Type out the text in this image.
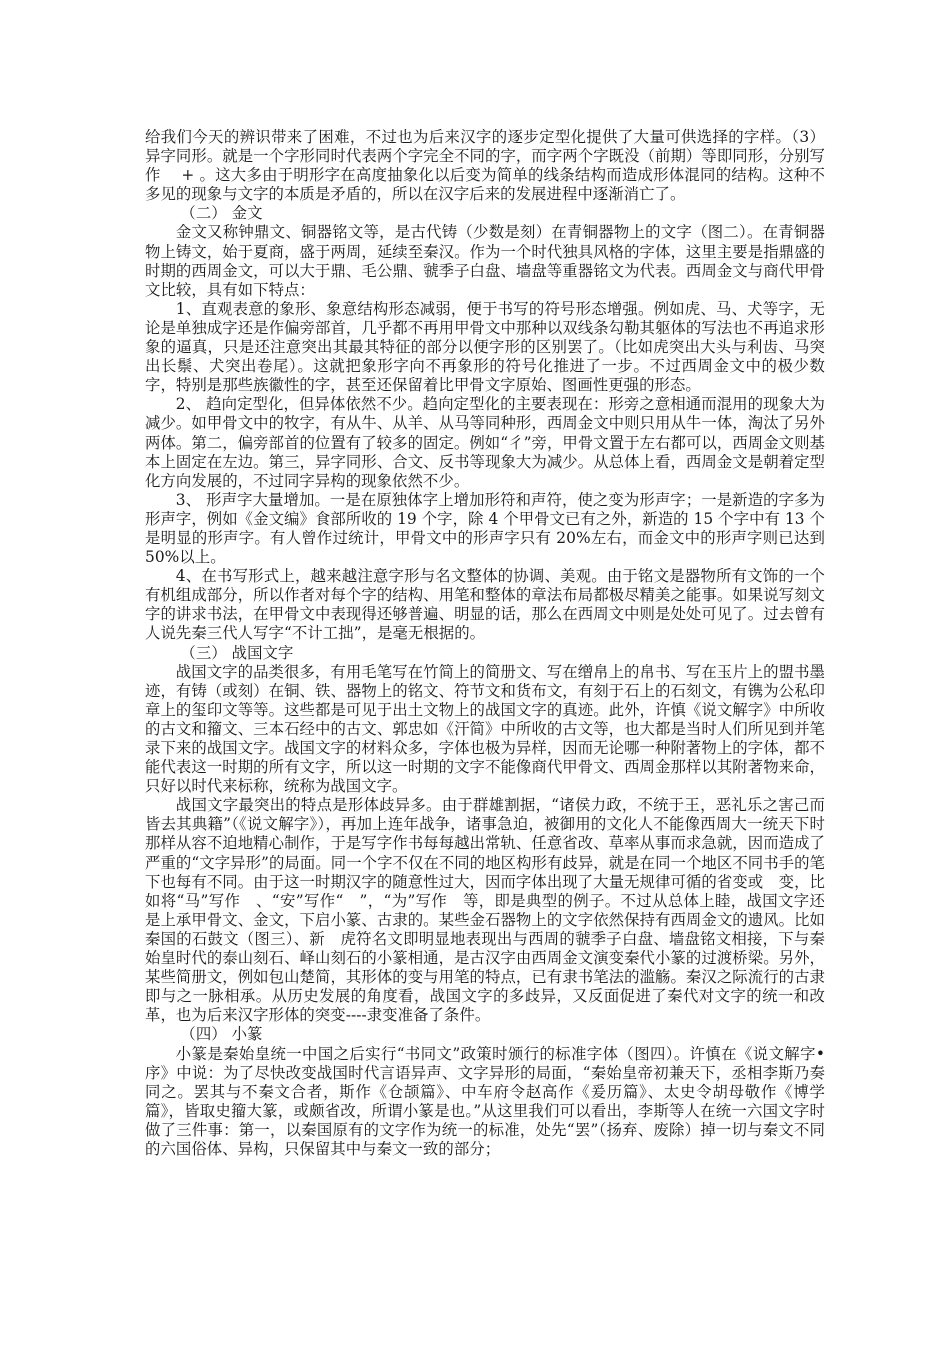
给我们今天的辨识带来了困难，不过也为后来汉字的逐步定型化提供了大量可供选择的字样。（3）异字同形。就是一个字形同时代表两个字完全不同的字，而字两个字既没（前期）等即同形，分别写作　 + 。这大多由于明形字在高度抽象化以后变为简单的线条结构而造成形体混同的结构。这种不多见的现象与文字的本质是矛盾的，所以在汉字后来的发展进程中逐渐消亡了。

（二） 金文

金文又称钟鼎文、铜器铭文等，是古代铸（少数是刻）在青铜器物上的文字（图二）。在青铜器物上铸文，始于夏商，盛于两周，延续至秦汉。作为一个时代独具风格的字体，这里主要是指鼎盛的时期的西周金文，可以大于鼎、毛公鼎、虢季子白盘、墙盘等重器铭文为代表。西周金文与商代甲骨文比较，具有如下特点：

1、直观表意的象形、象意结构形态减弱，便于书写的符号形态增强。例如虎、马、犬等字，无论是单独成字还是作偏旁部首，几乎都不再用甲骨文中那种以双线条勾勒其躯体的写法也不再追求形象的逼真，只是还注意突出其最其特征的部分以便字形的区别罢了。（比如虎突出大头与利齿、马突出长鬃、犬突出卷尾）。这就把象形字向不再象形的符号化推进了一步。不过西周金文中的极少数字，特别是那些族徽性的字，甚至还保留着比甲骨文字原始、图画性更强的形态。

2、 趋向定型化，但异体依然不少。趋向定型化的主要表现在：形旁之意相通而混用的现象大为减少。如甲骨文中的牧字，有从牛、从羊、从马等同种形，西周金文中则只用从牛一体，淘汰了另外两体。第二，偏旁部首的位置有了较多的固定。例如“彳”旁，甲骨文置于左右都可以，西周金文则基本上固定在左边。第三，异字同形、合文、反书等现象大为减少。从总体上看，西周金文是朝着定型化方向发展的，不过同字异构的现象依然不少。

3、 形声字大量增加。一是在原独体字上增加形符和声符，使之变为形声字；一是新造的字多为形声字，例如《金文编》食部所收的 19 个字，除 4 个甲骨文已有之外，新造的 15 个字中有 13 个是明显的形声字。有人曾作过统计，甲骨文中的形声字只有 20%左右，而金文中的形声字则已达到 50%以上。

4、在书写形式上，越来越注意字形与名文整体的协调、美观。由于铭文是器物所有文饰的一个有机组成部分，所以作者对每个字的结构、用笔和整体的章法布局都极尽精美之能事。如果说写刻文字的讲求书法，在甲骨文中表现得还够普遍、明显的话，那么在西周文中则是处处可见了。过去曾有人说先秦三代人写字“不计工拙”，是毫无根据的。

（三） 战国文字

战国文字的品类很多，有用毛笔写在竹简上的简册文、写在缯帛上的帛书、写在玉片上的盟书墨迹，有铸（或刻）在铜、铁、器物上的铭文、符节文和货布文，有刻于石上的石刻文，有镌为公私印章上的玺印文等等。这些都是可见于出土文物上的战国文字的真迹。此外，许慎《说文解字》中所收的古文和籀文、三本石经中的古文、郭忠如《汗简》中所收的古文等，也大都是当时人们所见到并笔录下来的战国文字。战国文字的材料众多，字体也极为异样，因而无论哪一种附著物上的字体，都不能代表这一时期的所有文字，所以这一时期的文字不能像商代甲骨文、西周金那样以其附著物来命，只好以时代来标称，统称为战国文字。

战国文字最突出的特点是形体歧异多。由于群雄割据，“诸侯力政，不统于王，恶礼乐之害己而皆去其典籍”（《说文解字》），再加上连年战争，诸事急迫，被御用的文化人不能像西周大一统天下时那样从容不迫地精心制作，于是写字作书每每越出常轨、任意省改、草率从事而求急就，因而造成了严重的“文字异形”的局面。同一个字不仅在不同的地区构形有歧异，就是在同一个地区不同书手的笔下也每有不同。由于这一时期汉字的随意性过大，因而字体出现了大量无规律可循的省变或　变，比如将“马”写作　、“安”写作“　”，“为”写作　等，即是典型的例子。不过从总体上睦，战国文字还是上承甲骨文、金文，下启小篆、古隶的。某些金石器物上的文字依然保持有西周金文的遗风。比如秦国的石鼓文（图三）、新　虎符名文即明显地表现出与西周的虢季子白盘、墙盘铭文相接，下与秦始皇时代的泰山刻石、峄山刻石的小篆相通，是古汉字由西周金文演变秦代小篆的过渡桥梁。另外，某些简册文，例如包山楚简，其形体的变与用笔的特点，已有隶书笔法的滥觞。秦汉之际流行的古隶即与之一脉相承。从历史发展的角度看，战国文字的多歧异，又反面促进了秦代对文字的统一和改革，也为后来汉字形体的突变----隶变准备了条件。

（四） 小篆

小篆是秦始皇统一中国之后实行“书同文”政策时颁行的标准字体（图四）。许慎在《说文解字•序》中说：为了尽快改变战国时代言语异声、文字异形的局面，“秦始皇帝初兼天下，丞相李斯乃奏同之。罢其与不秦文合者，斯作《仓颉篇》、中车府令赵高作《爰历篇》、太史令胡母敬作《博学篇》，皆取史籀大篆，或颇省改，所谓小篆是也。”从这里我们可以看出，李斯等人在统一六国文字时做了三件事：第一，以秦国原有的文字作为统一的标准，处先“罢”（扬弃、废除）掉一切与秦文不同的六国俗体、异构，只保留其中与秦文一致的部分；
